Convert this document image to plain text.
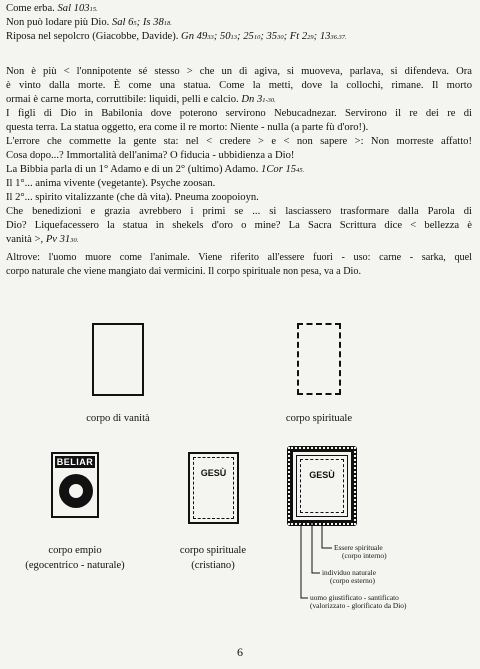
Come erba. Sal 10315.
Non può lodare più Dio. Sal 65; Is 3818.
Riposa nel sepolcro (Giacobbe, Davide). Gn 4933; 5013; 2510; 3530; Ft 229; 1336.37.
Non è più < l'onnipotente sé stesso > che un dì agiva, si muoveva, parlava, si difendeva. Ora
è vinto dalla morte. È come una statua. Come la metti, dove la collochi, rimane. Il morto
ormai è carne morta, corruttibile: liquidi, pelli e calcio. Dn 31-30.
I figli di Dio in Babilonia dove poterono servirono Nebucadnezar. Servirono il re dei re di
questa terra. La statua oggetto, era come il re morto: Niente - nulla (a parte fù d'oro!).
L'errore che commette la gente sta: nel < credere > e < non sapere >: Non morreste affatto!
Cosa dopo...? Immortalità dell'anima? O fiducia - ubbidienza a Dio!
La Bibbia parla di un 1° Adamo e di un 2° (ultimo) Adamo. 1Cor 1545.
Il 1°... anima vivente (vegetante). Psyche zoosan.
Il 2°... spirito vitalizzante (che dà vita). Pneuma zoopoioyn.
Che benedizioni e grazia avrebbero i primi se ... si lasciassero trasformare dalla Parola di
Dio? Liquefacessero la statua in shekels d'oro o mine? La Sacra Scrittura dice < bellezza è
vanità >, Pv 3130.
Altrove: l'uomo muore come l'animale. Viene riferito all'essere fuori - uso: carne - sarka, quel
corpo naturale che viene mangiato dai vermicini. Il corpo spirituale non pesa, va a Dio.
corpo di vanità	corpo spirituale
BELIAR
corpo empio
(egocentrico - naturale)
GESÙ
corpo spirituale
(cristiano)
GESÙ
Essere spirituale
(corpo interno)
individuo naturale
(corpo esterno)
uomo giustificato - santificato
(valorizzato - glorificato da Dio)
6
